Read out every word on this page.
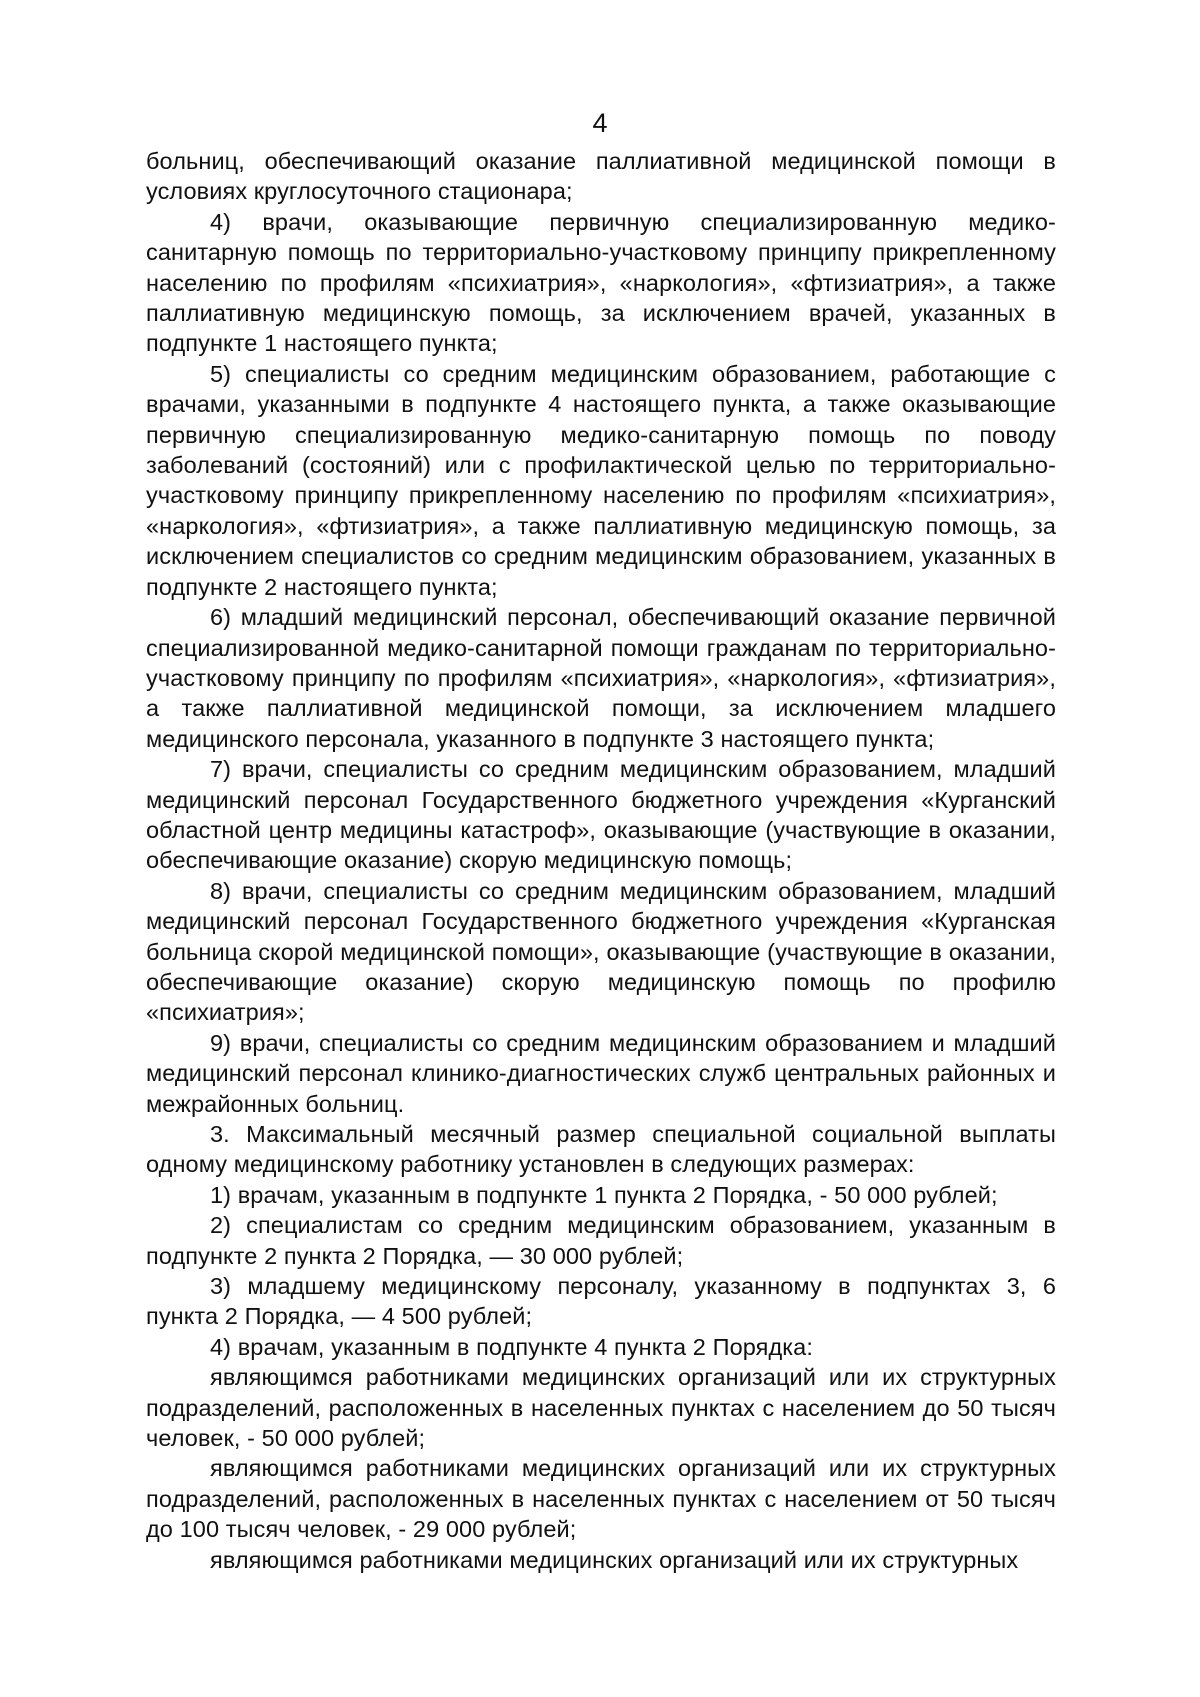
4

больниц, обеспечивающий оказание паллиативной медицинской помощи в условиях круглосуточного стационара;

4) врачи, оказывающие первичную специализированную медико-санитарную помощь по территориально-участковому принципу прикрепленному населению по профилям «психиатрия», «наркология», «фтизиатрия», а также паллиативную медицинскую помощь, за исключением врачей, указанных в подпункте 1 настоящего пункта;

5) специалисты со средним медицинским образованием, работающие с врачами, указанными в подпункте 4 настоящего пункта, а также оказывающие первичную специализированную медико-санитарную помощь по поводу заболеваний (состояний) или с профилактической целью по территориально-участковому принципу прикрепленному населению по профилям «психиатрия», «наркология», «фтизиатрия», а также паллиативную медицинскую помощь, за исключением специалистов со средним медицинским образованием, указанных в подпункте 2 настоящего пункта;

6) младший медицинский персонал, обеспечивающий оказание первичной специализированной медико-санитарной помощи гражданам по территориально-участковому принципу по профилям «психиатрия», «наркология», «фтизиатрия», а также паллиативной медицинской помощи, за исключением младшего медицинского персонала, указанного в подпункте 3 настоящего пункта;

7) врачи, специалисты со средним медицинским образованием, младший медицинский персонал Государственного бюджетного учреждения «Курганский областной центр медицины катастроф», оказывающие (участвующие в оказании, обеспечивающие оказание) скорую медицинскую помощь;

8) врачи, специалисты со средним медицинским образованием, младший медицинский персонал Государственного бюджетного учреждения «Курганская больница скорой медицинской помощи», оказывающие (участвующие в оказании, обеспечивающие оказание) скорую медицинскую помощь по профилю «психиатрия»;

9) врачи, специалисты со средним медицинским образованием и младший медицинский персонал клинико-диагностических служб центральных районных и межрайонных больниц.

3. Максимальный месячный размер специальной социальной выплаты одному медицинскому работнику установлен в следующих размерах:

1) врачам, указанным в подпункте 1 пункта 2 Порядка, - 50 000 рублей;

2) специалистам со средним медицинским образованием, указанным в подпункте 2 пункта 2 Порядка, — 30 000 рублей;

3) младшему медицинскому персоналу, указанному в подпунктах 3, 6 пункта 2 Порядка, — 4 500 рублей;

4) врачам, указанным в подпункте 4 пункта 2 Порядка:

являющимся работниками медицинских организаций или их структурных подразделений, расположенных в населенных пунктах с населением до 50 тысяч человек, - 50 000 рублей;

являющимся работниками медицинских организаций или их структурных подразделений, расположенных в населенных пунктах с населением от 50 тысяч до 100 тысяч человек, - 29 000 рублей;

являющимся работниками медицинских организаций или их структурных
